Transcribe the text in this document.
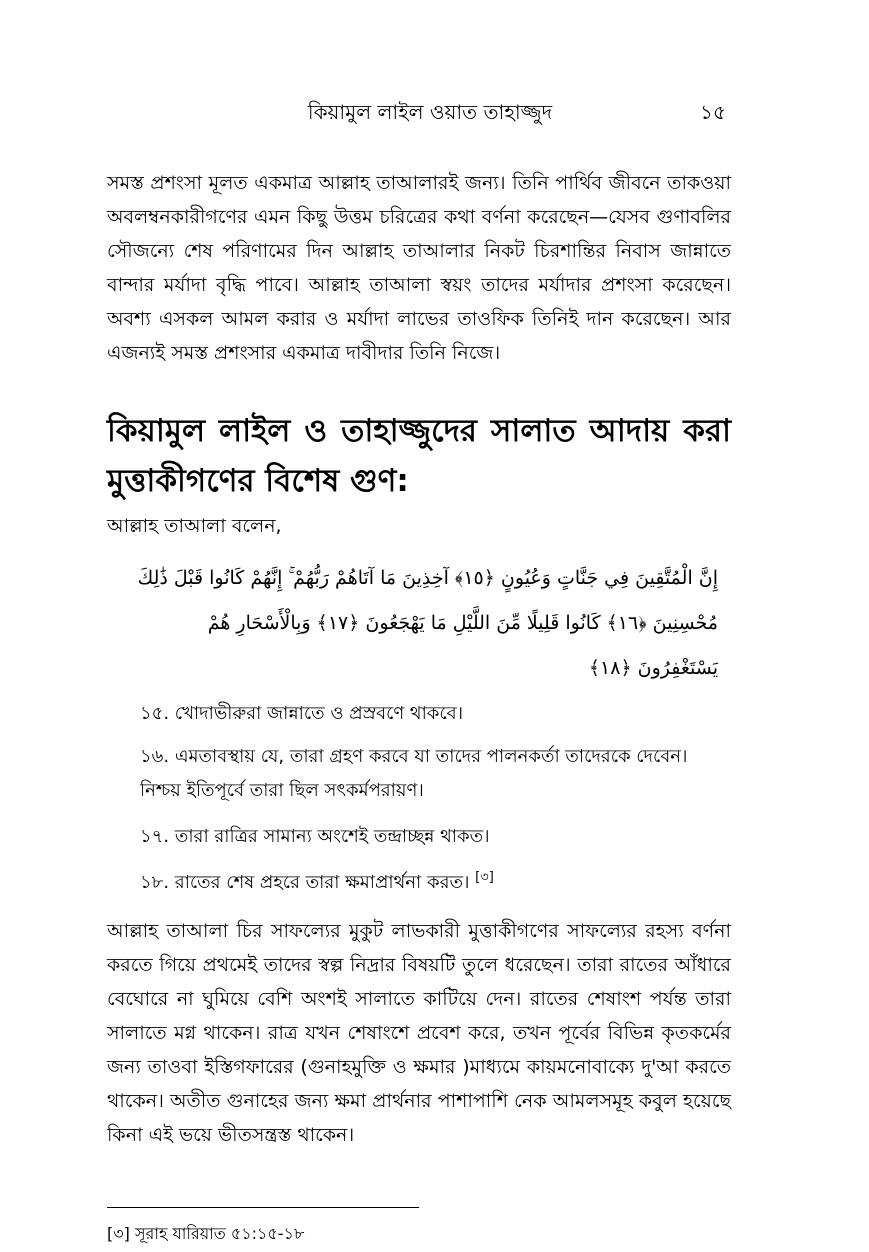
কিয়ামুল লাইল ওয়াত তাহাজ্জুদ	১৫

সমস্ত প্রশংসা মূলত একমাত্র আল্লাহ তাআলারই জন্য। তিনি পার্থিব জীবনে তাকওয়া অবলম্বনকারীগণের এমন কিছু উত্তম চরিত্রের কথা বর্ণনা করেছেন—যেসব গুণাবলির সৌজন্যে শেষ পরিণামের দিন আল্লাহ তাআলার নিকট চিরশান্তির নিবাস জান্নাতে বান্দার মর্যাদা বৃদ্ধি পাবে। আল্লাহ তাআলা স্বয়ং তাদের মর্যাদার প্রশংসা করেছেন। অবশ্য এসকল আমল করার ও মর্যাদা লাভের তাওফিক তিনিই দান করেছেন। আর এজন্যই সমস্ত প্রশংসার একমাত্র দাবীদার তিনি নিজে।

কিয়ামুল লাইল ও তাহাজ্জুদের সালাত আদায় করা মুত্তাকীগণের বিশেষ গুণ:

আল্লাহ তাআলা বলেন,

إِنَّ الْمُتَّقِينَ فِي جَنَّاتٍ وَعُيُونٍ ﴿١٥﴾ آخِذِينَ مَا آتَاهُمْ رَبُّهُمْ ۚ إِنَّهُمْ كَانُوا قَبْلَ ذَٰلِكَ مُحْسِنِينَ ﴿١٦﴾ كَانُوا قَلِيلًا مِّنَ اللَّيْلِ مَا يَهْجَعُونَ ﴿١٧﴾ وَبِالْأَسْحَارِ هُمْ يَسْتَغْفِرُونَ ﴿١٨﴾

১৫. খোদাভীরুরা জান্নাতে ও প্রস্রবণে থাকবে।

১৬. এমতাবস্থায় যে, তারা গ্রহণ করবে যা তাদের পালনকর্তা তাদেরকে দেবেন। নিশ্চয় ইতিপূর্বে তারা ছিল সৎকর্মপরায়ণ।

১৭. তারা রাত্রির সামান্য অংশেই তন্দ্রাচ্ছন্ন থাকত।

১৮. রাতের শেষ প্রহরে তারা ক্ষমাপ্রার্থনা করত। [৩]

আল্লাহ তাআলা চির সাফল্যের মুকুট লাভকারী মুত্তাকীগণের সাফল্যের রহস্য বর্ণনা করতে গিয়ে প্রথমেই তাদের স্বল্প নিদ্রার বিষয়টি তুলে ধরেছেন। তারা রাতের আঁধারে বেঘোরে না ঘুমিয়ে বেশি অংশই সালাতে কাটিয়ে দেন। রাতের শেষাংশ পর্যন্ত তারা সালাতে মগ্ন থাকেন। রাত্র যখন শেষাংশে প্রবেশ করে, তখন পূর্বের বিভিন্ন কৃতকর্মের জন্য তাওবা ইস্তিগফারের (গুনাহমুক্তি ও ক্ষমার )মাধ্যমে কায়মনোবাক্যে দু'আ করতে থাকেন। অতীত গুনাহের জন্য ক্ষমা প্রার্থনার পাশাপাশি নেক আমলসমূহ কবুল হয়েছে কিনা এই ভয়ে ভীতসন্ত্রস্ত থাকেন।

[৩] সূরাহ যারিয়াত ৫১:১৫-১৮
